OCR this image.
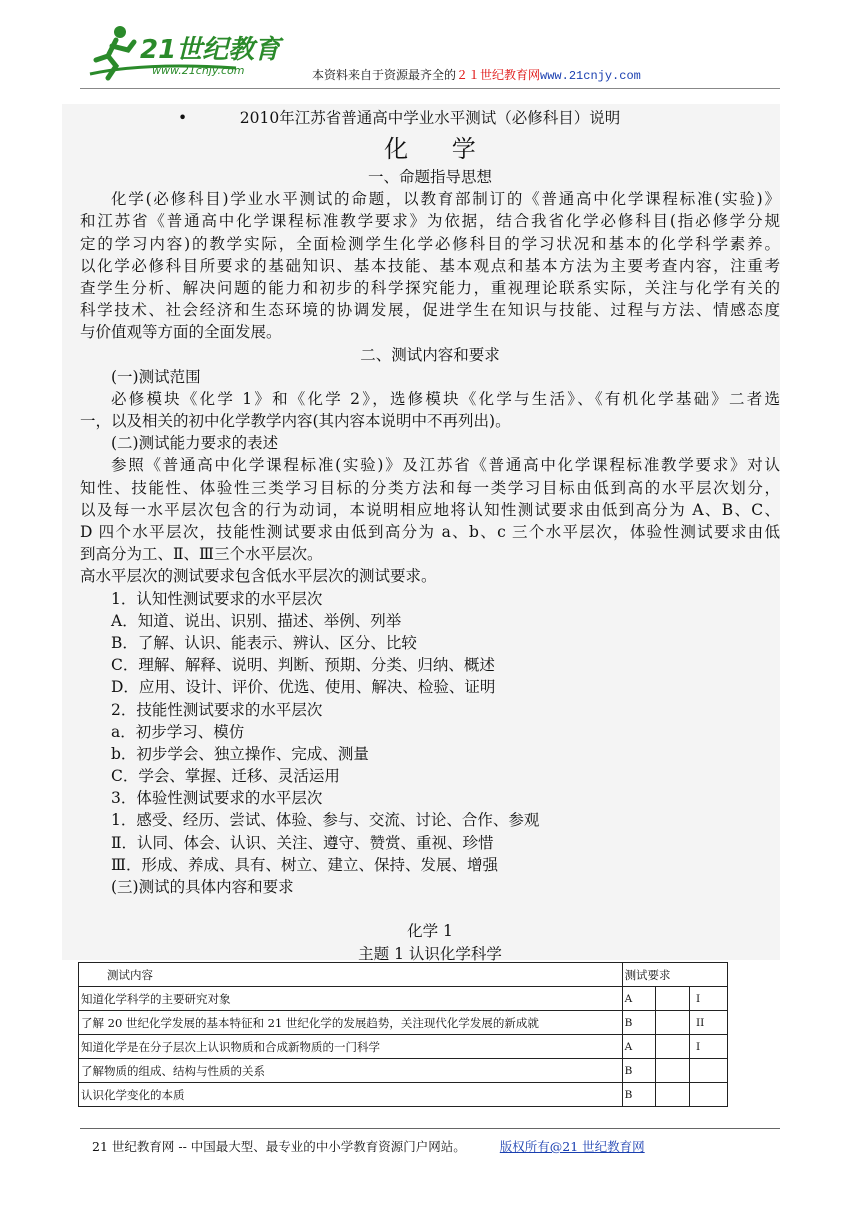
21世纪教育
www.21cnjy.com	本资料来自于资源最齐全的２１世纪教育网www.21cnjy.com
•	2010年江苏省普通高中学业水平测试（必修科目）说明
化 学
一、命题指导思想
化学(必修科目)学业水平测试的命题，以教育部制订的《普通高中化学课程标准(实验)》
和江苏省《普通高中化学课程标准教学要求》为依据，结合我省化学必修科目(指必修学分规
定的学习内容)的教学实际，全面检测学生化学必修科目的学习状况和基本的化学科学素养。
以化学必修科目所要求的基础知识、基本技能、基本观点和基本方法为主要考查内容，注重考
查学生分析、解决问题的能力和初步的科学探究能力，重视理论联系实际，关注与化学有关的
科学技术、社会经济和生态环境的协调发展，促进学生在知识与技能、过程与方法、情感态度
与价值观等方面的全面发展。
二、测试内容和要求
(一)测试范围
必修模块《化学 1》和《化学 2》，选修模块《化学与生活》、《有机化学基础》二者选
一，以及相关的初中化学教学内容(其内容本说明中不再列出)。
(二)测试能力要求的表述
参照《普通高中化学课程标准(实验)》及江苏省《普通高中化学课程标准教学要求》对认
知性、技能性、体验性三类学习目标的分类方法和每一类学习目标由低到高的水平层次划分，
以及每一水平层次包含的行为动词，本说明相应地将认知性测试要求由低到高分为 A、B、C、
D 四个水平层次，技能性测试要求由低到高分为 a、b、c 三个水平层次，体验性测试要求由低
到高分为工、Ⅱ、Ⅲ三个水平层次。
高水平层次的测试要求包含低水平层次的测试要求。
1．认知性测试要求的水平层次
A．知道、说出、识别、描述、举例、列举
B．了解、认识、能表示、辨认、区分、比较
C．理解、解释、说明、判断、预期、分类、归纳、概述
D．应用、设计、评价、优选、使用、解决、检验、证明
2．技能性测试要求的水平层次
a．初步学习、模仿
b．初步学会、独立操作、完成、测量
C．学会、掌握、迁移、灵活运用
3．体验性测试要求的水平层次
1．感受、经历、尝试、体验、参与、交流、讨论、合作、参观
Ⅱ．认同、体会、认识、关注、遵守、赞赏、重视、珍惜
Ⅲ．形成、养成、具有、树立、建立、保持、发展、增强
(三)测试的具体内容和要求
化学 1
主题 1 认识化学科学
测试内容	测试要求		
知道化学科学的主要研究对象	A		I
了解 20 世纪化学发展的基本特征和 21 世纪化学的发展趋势，关注现代化学发展的新成就	B		II
知道化学是在分子层次上认识物质和合成新物质的一门科学	A		I
了解物质的组成、结构与性质的关系	B		
认识化学变化的本质	B		
21 世纪教育网 -- 中国最大型、最专业的中小学教育资源门户网站。	版权所有@21 世纪教育网
